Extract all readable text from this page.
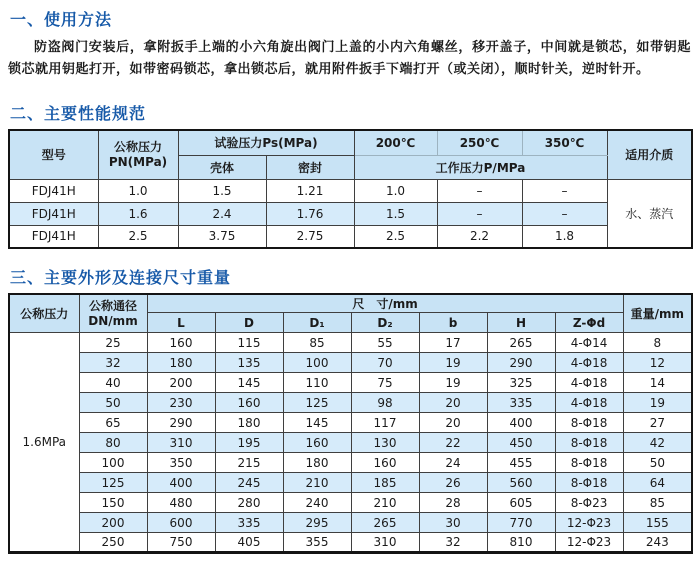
一、使用方法

防盗阀门安装后，拿附扳手上端的小六角旋出阀门上盖的小内六角螺丝，移开盖子，中间就是锁芯，如带钥匙锁芯就用钥匙打开，如带密码锁芯，拿出锁芯后，就用附件扳手下端打开（或关闭），顺时针关，逆时针开。

二、主要性能规范
型号	公称压力
PN(MPa)	试验压力Ps(MPa)		200℃	250℃	350℃	适用介质
		壳体	密封	工作压力P/MPa			
FDJ41H	1.0	1.5	1.21	1.0	–	–	水、蒸汽
FDJ41H	1.6	2.4	1.76	1.5	–	–	
FDJ41H	2.5	3.75	2.75	2.5	2.2	1.8	
三、主要外形及连接尺寸重量
公称压力	公称通径
DN/mm	尺　寸/mm							重量/mm
		L	D	D₁	D₂	b	H	Z-Φd	
1.6MPa	25	160	115	85	55	17	265	4-Φ14	8
	32	180	135	100	70	19	290	4-Φ18	12
	40	200	145	110	75	19	325	4-Φ18	14
	50	230	160	125	98	20	335	4-Φ18	19
	65	290	180	145	117	20	400	8-Φ18	27
	80	310	195	160	130	22	450	8-Φ18	42
	100	350	215	180	160	24	455	8-Φ18	50
	125	400	245	210	185	26	560	8-Φ18	64
	150	480	280	240	210	28	605	8-Φ23	85
	200	600	335	295	265	30	770	12-Φ23	155
	250	750	405	355	310	32	810	12-Φ23	243
